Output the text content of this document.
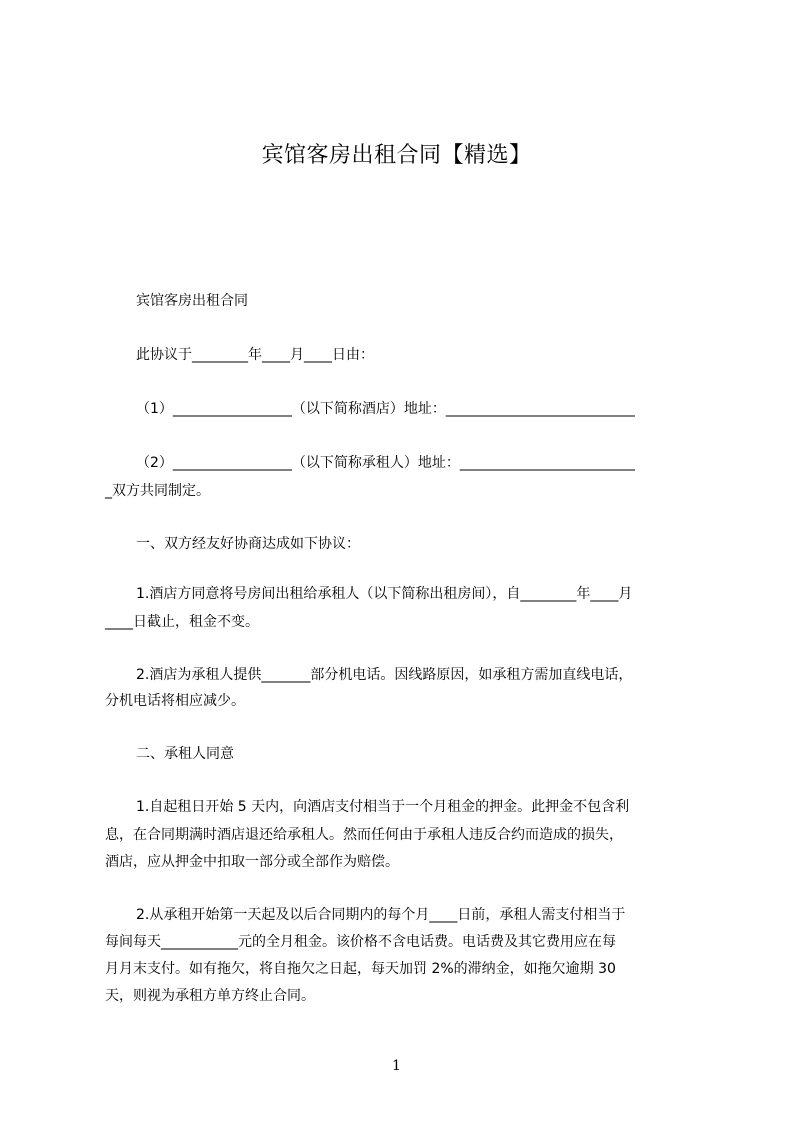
宾馆客房出租合同【精选】
宾馆客房出租合同
此协议于________年____月____日由：
（1）_________________（以下简称酒店）地址：___________________________
（2）_________________（以下简称承租人）地址：_________________________
_双方共同制定。
一、双方经友好协商达成如下协议：
1.酒店方同意将号房间出租给承租人（以下简称出租房间），自________年____月
____日截止，租金不变。
2.酒店为承租人提供_______部分机电话。因线路原因，如承租方需加直线电话，
分机电话将相应减少。
二、承租人同意
1.自起租日开始 5 天内，向酒店支付相当于一个月租金的押金。此押金不包含利
息，在合同期满时酒店退还给承租人。然而任何由于承租人违反合约而造成的损失，
酒店，应从押金中扣取一部分或全部作为赔偿。
2.从承租开始第一天起及以后合同期内的每个月____日前，承租人需支付相当于
每间每天___________元的全月租金。该价格不含电话费。电话费及其它费用应在每
月月末支付。如有拖欠，将自拖欠之日起，每天加罚 2%的滞纳金，如拖欠逾期 30
天，则视为承租方单方终止合同。
1
